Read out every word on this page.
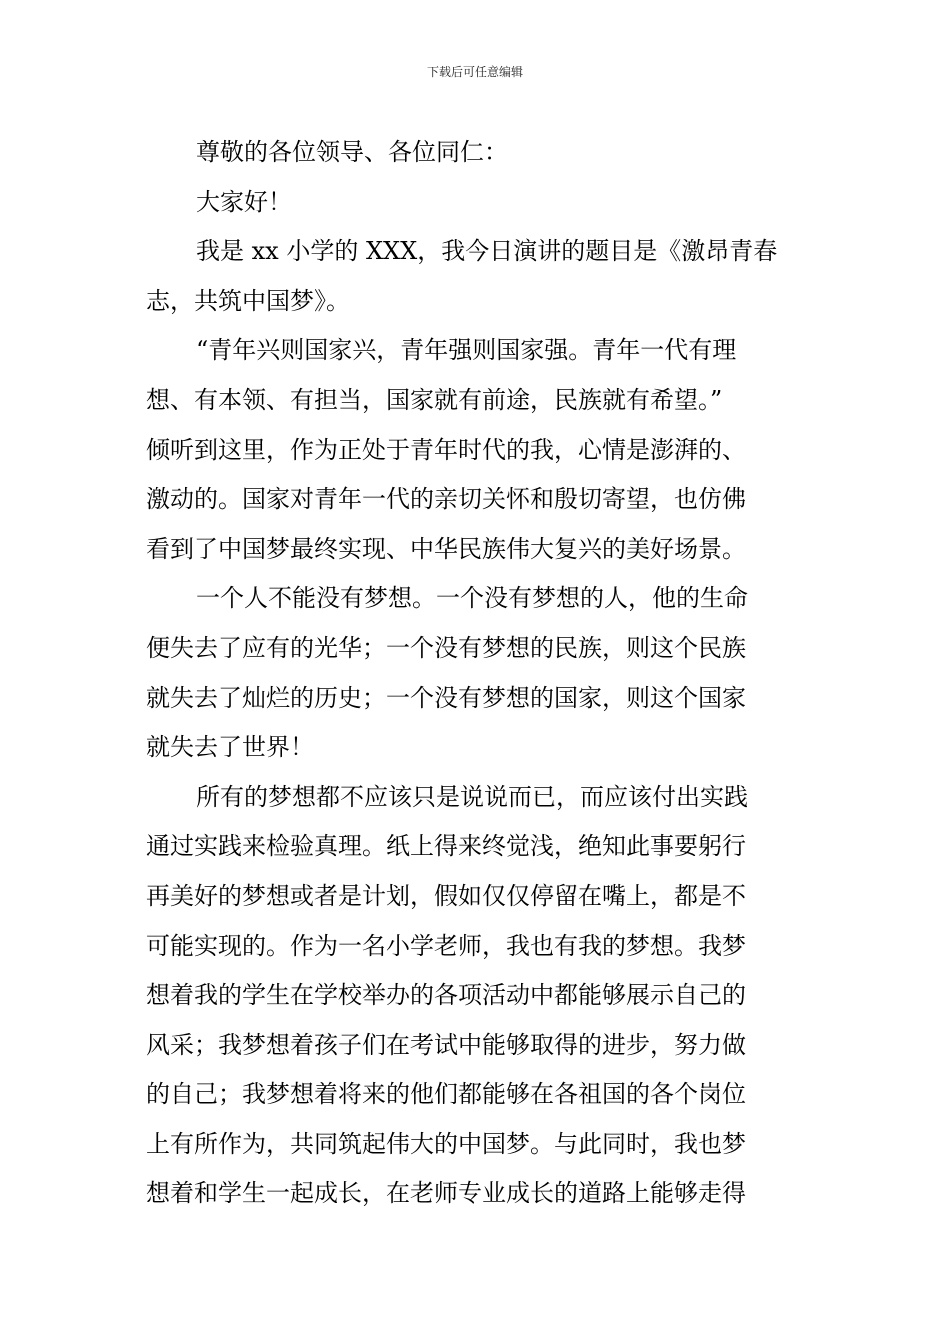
下载后可任意编辑
尊敬的各位领导、各位同仁：
大家好！
我是 xx 小学的 XXX，我今日演讲的题目是《激昂青春
志，共筑中国梦》。
“青年兴则国家兴，青年强则国家强。青年一代有理
想、有本领、有担当，国家就有前途，民族就有希望。”
倾听到这里，作为正处于青年时代的我，心情是澎湃的、
激动的。国家对青年一代的亲切关怀和殷切寄望，也仿佛
看到了中国梦最终实现、中华民族伟大复兴的美好场景。
一个人不能没有梦想。一个没有梦想的人，他的生命
便失去了应有的光华；一个没有梦想的民族，则这个民族
就失去了灿烂的历史；一个没有梦想的国家，则这个国家
就失去了世界！
所有的梦想都不应该只是说说而已，而应该付出实践
通过实践来检验真理。纸上得来终觉浅，绝知此事要躬行
再美好的梦想或者是计划，假如仅仅停留在嘴上，都是不
可能实现的。作为一名小学老师，我也有我的梦想。我梦
想着我的学生在学校举办的各项活动中都能够展示自己的
风采；我梦想着孩子们在考试中能够取得的进步，努力做
的自己；我梦想着将来的他们都能够在各祖国的各个岗位
上有所作为，共同筑起伟大的中国梦。与此同时，我也梦
想着和学生一起成长，在老师专业成长的道路上能够走得
